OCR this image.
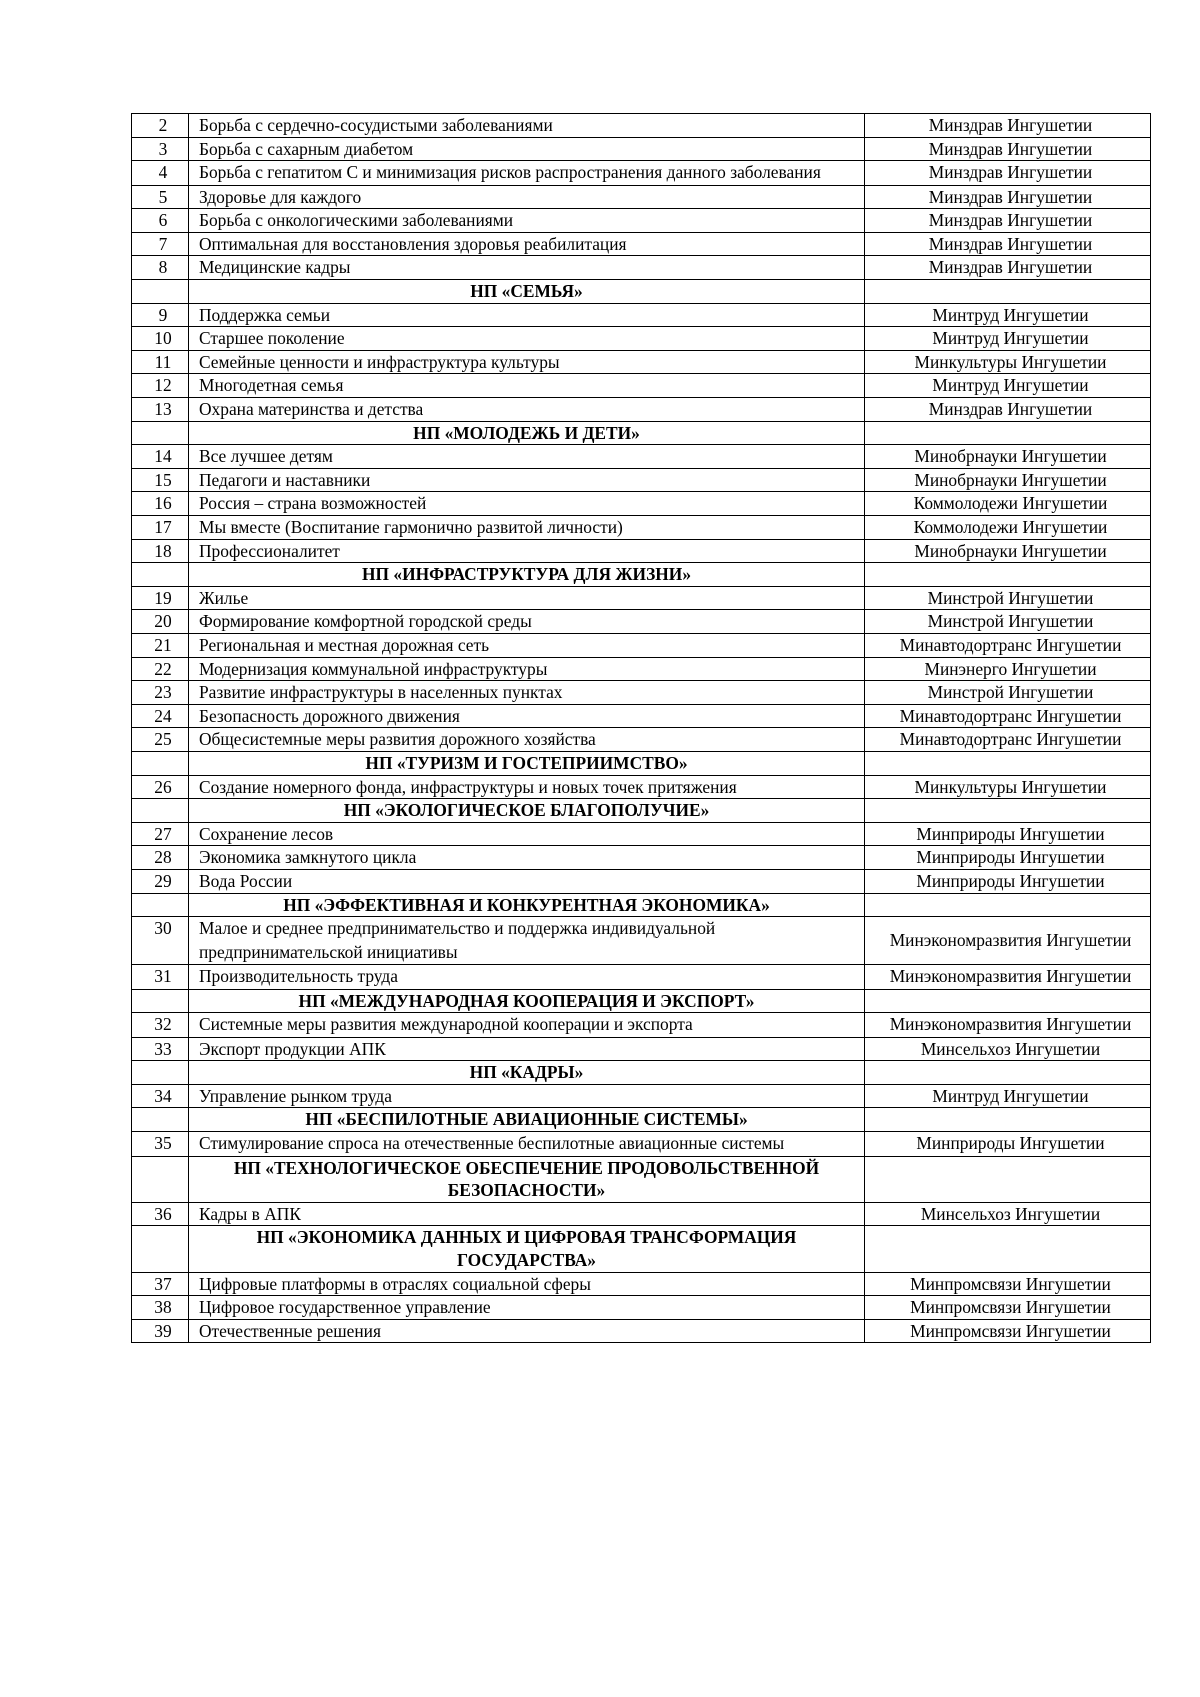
2	Борьба с сердечно-сосудистыми заболеваниями	Минздрав Ингушетии
3	Борьба с сахарным диабетом	Минздрав Ингушетии
4	Борьба с гепатитом С и минимизация рисков распространения данного заболевания	Минздрав Ингушетии
5	Здоровье для каждого	Минздрав Ингушетии
6	Борьба с онкологическими заболеваниями	Минздрав Ингушетии
7	Оптимальная для восстановления здоровья реабилитация	Минздрав Ингушетии
8	Медицинские кадры	Минздрав Ингушетии
	НП «СЕМЬЯ»	
9	Поддержка семьи	Минтруд Ингушетии
10	Старшее поколение	Минтруд Ингушетии
11	Семейные ценности и инфраструктура культуры	Минкультуры Ингушетии
12	Многодетная семья	Минтруд Ингушетии
13	Охрана материнства и детства	Минздрав Ингушетии
	НП «МОЛОДЕЖЬ И ДЕТИ»	
14	Все лучшее детям	Минобрнауки Ингушетии
15	Педагоги и наставники	Минобрнауки Ингушетии
16	Россия – страна возможностей	Коммолодежи Ингушетии
17	Мы вместе (Воспитание гармонично развитой личности)	Коммолодежи Ингушетии
18	Профессионалитет	Минобрнауки Ингушетии
	НП «ИНФРАСТРУКТУРА ДЛЯ ЖИЗНИ»	
19	Жилье	Минстрой Ингушетии
20	Формирование комфортной городской среды	Минстрой Ингушетии
21	Региональная и местная дорожная сеть	Минавтодортранс Ингушетии
22	Модернизация коммунальной инфраструктуры	Минэнерго Ингушетии
23	Развитие инфраструктуры в населенных пунктах	Минстрой Ингушетии
24	Безопасность дорожного движения	Минавтодортранс Ингушетии
25	Общесистемные меры развития дорожного хозяйства	Минавтодортранс Ингушетии
	НП «ТУРИЗМ И ГОСТЕПРИИМСТВО»	
26	Создание номерного фонда, инфраструктуры и новых точек притяжения	Минкультуры Ингушетии
	НП «ЭКОЛОГИЧЕСКОЕ БЛАГОПОЛУЧИЕ»	
27	Сохранение лесов	Минприроды Ингушетии
28	Экономика замкнутого цикла	Минприроды Ингушетии
29	Вода России	Минприроды Ингушетии
	НП «ЭФФЕКТИВНАЯ И КОНКУРЕНТНАЯ ЭКОНОМИКА»	
30	Малое и среднее предпринимательство и поддержка индивидуальной предпринимательской инициативы	Минэкономразвития Ингушетии
31	Производительность труда	Минэкономразвития Ингушетии
	НП «МЕЖДУНАРОДНАЯ КООПЕРАЦИЯ И ЭКСПОРТ»	
32	Системные меры развития международной кооперации и экспорта	Минэкономразвития Ингушетии
33	Экспорт продукции АПК	Минсельхоз Ингушетии
	НП «КАДРЫ»	
34	Управление рынком труда	Минтруд Ингушетии
	НП «БЕСПИЛОТНЫЕ АВИАЦИОННЫЕ СИСТЕМЫ»	
35	Стимулирование спроса на отечественные беспилотные авиационные системы	Минприроды Ингушетии
	НП «ТЕХНОЛОГИЧЕСКОЕ ОБЕСПЕЧЕНИЕ ПРОДОВОЛЬСТВЕННОЙ БЕЗОПАСНОСТИ»	
36	Кадры в АПК	Минсельхоз Ингушетии
	НП «ЭКОНОМИКА ДАННЫХ И ЦИФРОВАЯ ТРАНСФОРМАЦИЯ ГОСУДАРСТВА»	
37	Цифровые платформы в отраслях социальной сферы	Минпромсвязи Ингушетии
38	Цифровое государственное управление	Минпромсвязи Ингушетии
39	Отечественные решения	Минпромсвязи Ингушетии
